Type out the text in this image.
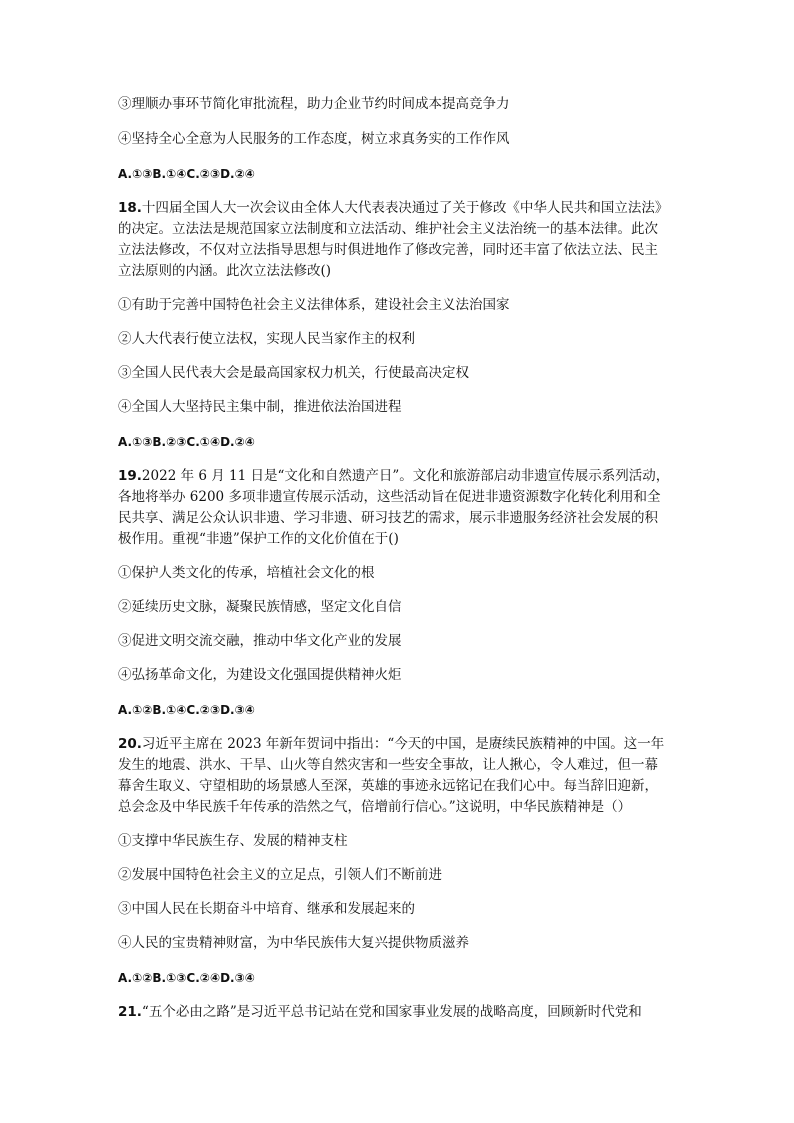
③理顺办事环节简化审批流程，助力企业节约时间成本提高竞争力
④坚持全心全意为人民服务的工作态度，树立求真务实的工作作风
A.①③B.①④C.②③D.②④
18.十四届全国人大一次会议由全体人大代表表决通过了关于修改《中华人民共和国立法法》
的决定。立法法是规范国家立法制度和立法活动、维护社会主义法治统一的基本法律。此次
立法法修改，不仅对立法指导思想与时俱进地作了修改完善，同时还丰富了依法立法、民主
立法原则的内涵。此次立法法修改()
①有助于完善中国特色社会主义法律体系，建设社会主义法治国家
②人大代表行使立法权，实现人民当家作主的权利
③全国人民代表大会是最高国家权力机关，行使最高决定权
④全国人大坚持民主集中制，推进依法治国进程
A.①③B.②③C.①④D.②④
19.2022 年 6 月 11 日是“文化和自然遗产日”。文化和旅游部启动非遗宣传展示系列活动，
各地将举办 6200 多项非遗宣传展示活动，这些活动旨在促进非遗资源数字化转化利用和全
民共享、满足公众认识非遗、学习非遗、研习技艺的需求，展示非遗服务经济社会发展的积
极作用。重视“非遗”保护工作的文化价值在于()
①保护人类文化的传承，培植社会文化的根
②延续历史文脉，凝聚民族情感，坚定文化自信
③促进文明交流交融，推动中华文化产业的发展
④弘扬革命文化，为建设文化强国提供精神火炬
A.①②B.①④C.②③D.③④
20.习近平主席在 2023 年新年贺词中指出：“今天的中国，是赓续民族精神的中国。这一年
发生的地震、洪水、干旱、山火等自然灾害和一些安全事故，让人揪心，令人难过，但一幕
幕舍生取义、守望相助的场景感人至深，英雄的事迹永远铭记在我们心中。每当辞旧迎新，
总会念及中华民族千年传承的浩然之气，倍增前行信心。”这说明，中华民族精神是（）
①支撑中华民族生存、发展的精神支柱
②发展中国特色社会主义的立足点，引领人们不断前进
③中国人民在长期奋斗中培育、继承和发展起来的
④人民的宝贵精神财富，为中华民族伟大复兴提供物质滋养
A.①②B.①③C.②④D.③④
21.“五个必由之路”是习近平总书记站在党和国家事业发展的战略高度，回顾新时代党和
